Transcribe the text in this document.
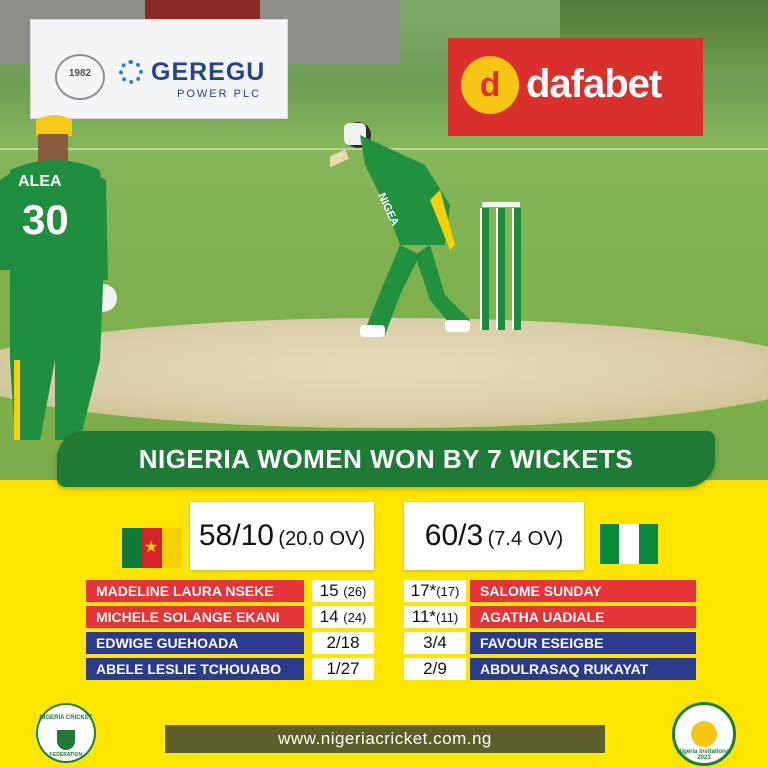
1982	GEREGU
POWER PLC	d dafabet
NIGEA
ALEA
30
NIGERIA WOMEN WON BY 7 WICKETS
★ 58/10 (20.0 OV)	60/3 (7.4 OV)
MADELINE LAURA NSEKE	15 (26)
MICHELE SOLANGE EKANI	14 (24)
EDWIGE GUEHOADA	2/18
ABELE LESLIE TCHOUABO	1/27
17*(17)	SALOME SUNDAY
11*(11)	AGATHA UADIALE
3/4	FAVOUR ESEIGBE
2/9	ABDULRASAQ RUKAYAT
NIGERIA CRICKET
FEDERATION
www.nigeriacricket.com.ng
Nigeria Invitational 2023
